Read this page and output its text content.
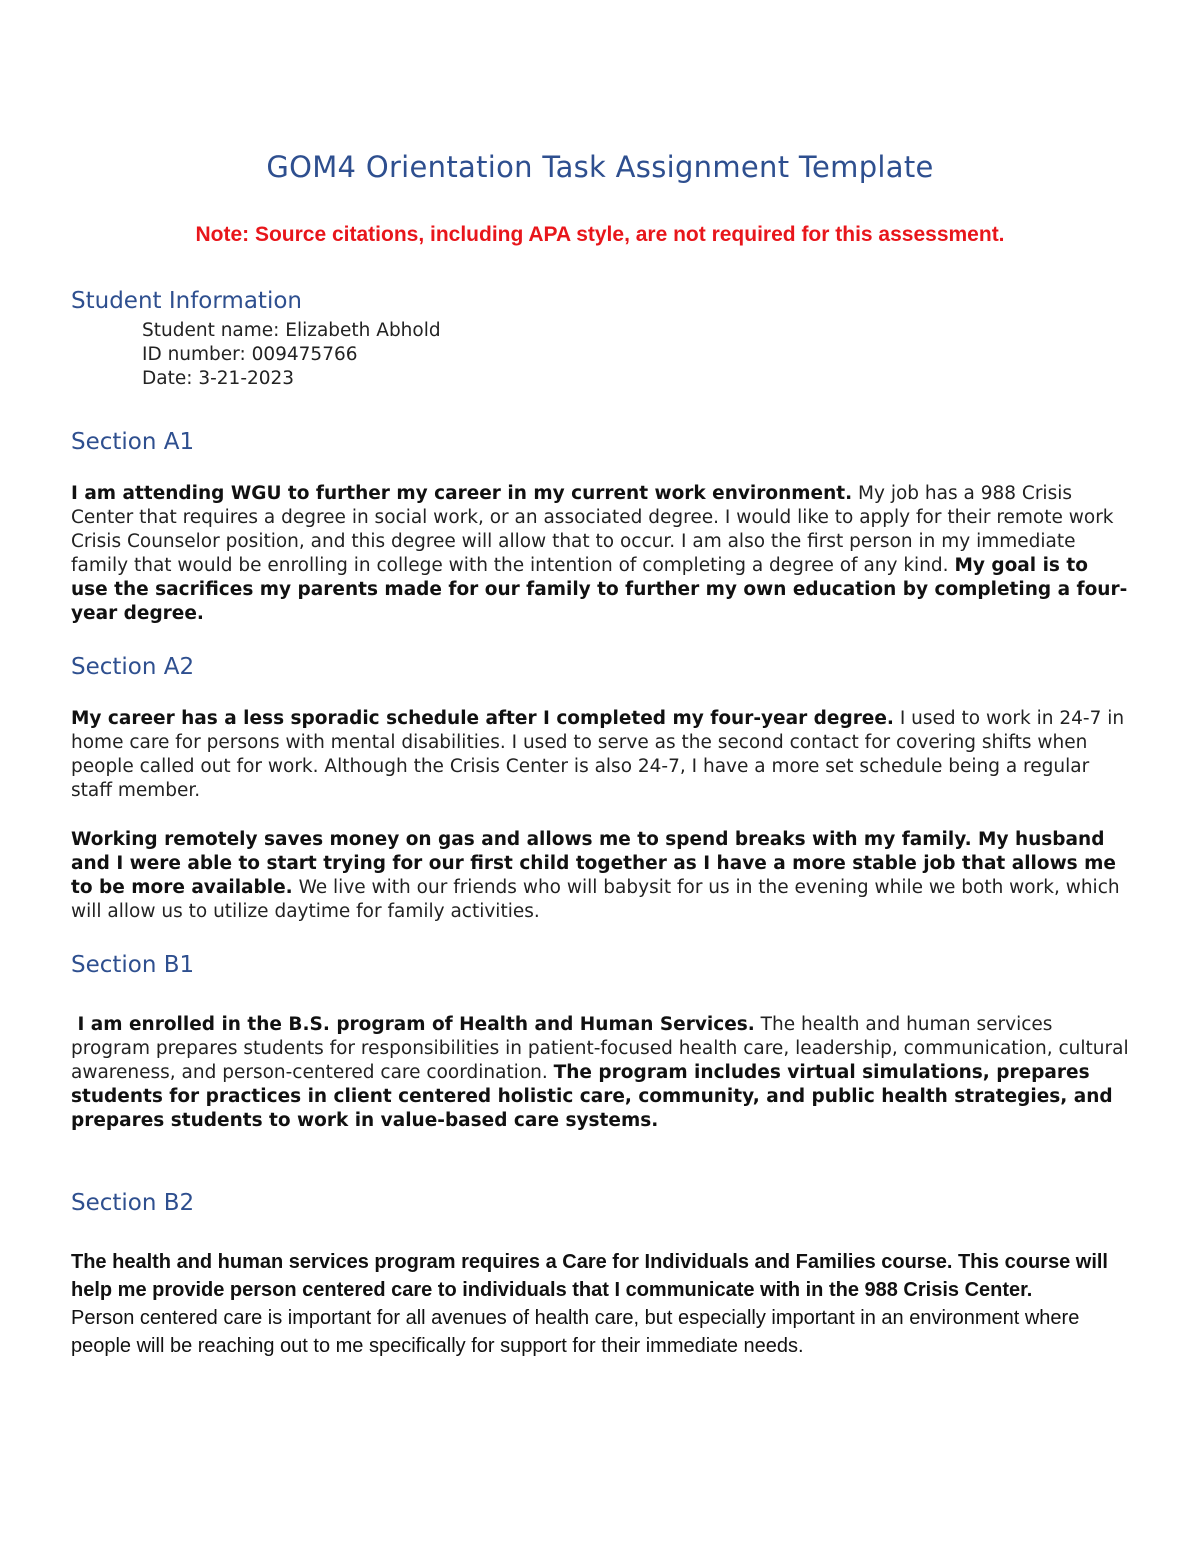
GOM4 Orientation Task Assignment Template
Note: Source citations, including APA style, are not required for this assessment.
Student Information
Student name: Elizabeth Abhold
ID number: 009475766
Date: 3-21-2023
Section A1

I am attending WGU to further my career in my current work environment. My job has a 988 Crisis Center that requires a degree in social work, or an associated degree. I would like to apply for their remote work Crisis Counselor position, and this degree will allow that to occur. I am also the first person in my immediate family that would be enrolling in college with the intention of completing a degree of any kind. My goal is to use the sacrifices my parents made for our family to further my own education by completing a four-year degree.

Section A2

My career has a less sporadic schedule after I completed my four-year degree. I used to work in 24-7 in home care for persons with mental disabilities. I used to serve as the second contact for covering shifts when people called out for work. Although the Crisis Center is also 24-7, I have a more set schedule being a regular staff member.

Working remotely saves money on gas and allows me to spend breaks with my family. My husband and I were able to start trying for our first child together as I have a more stable job that allows me to be more available. We live with our friends who will babysit for us in the evening while we both work, which will allow us to utilize daytime for family activities.

Section B1

I am enrolled in the B.S. program of Health and Human Services. The health and human services program prepares students for responsibilities in patient-focused health care, leadership, communication, cultural awareness, and person-centered care coordination. The program includes virtual simulations, prepares students for practices in client centered holistic care, community, and public health strategies, and prepares students to work in value-based care systems.

Section B2

The health and human services program requires a Care for Individuals and Families course. This course will help me provide person centered care to individuals that I communicate with in the 988 Crisis Center.
Person centered care is important for all avenues of health care, but especially important in an environment where people will be reaching out to me specifically for support for their immediate needs.
